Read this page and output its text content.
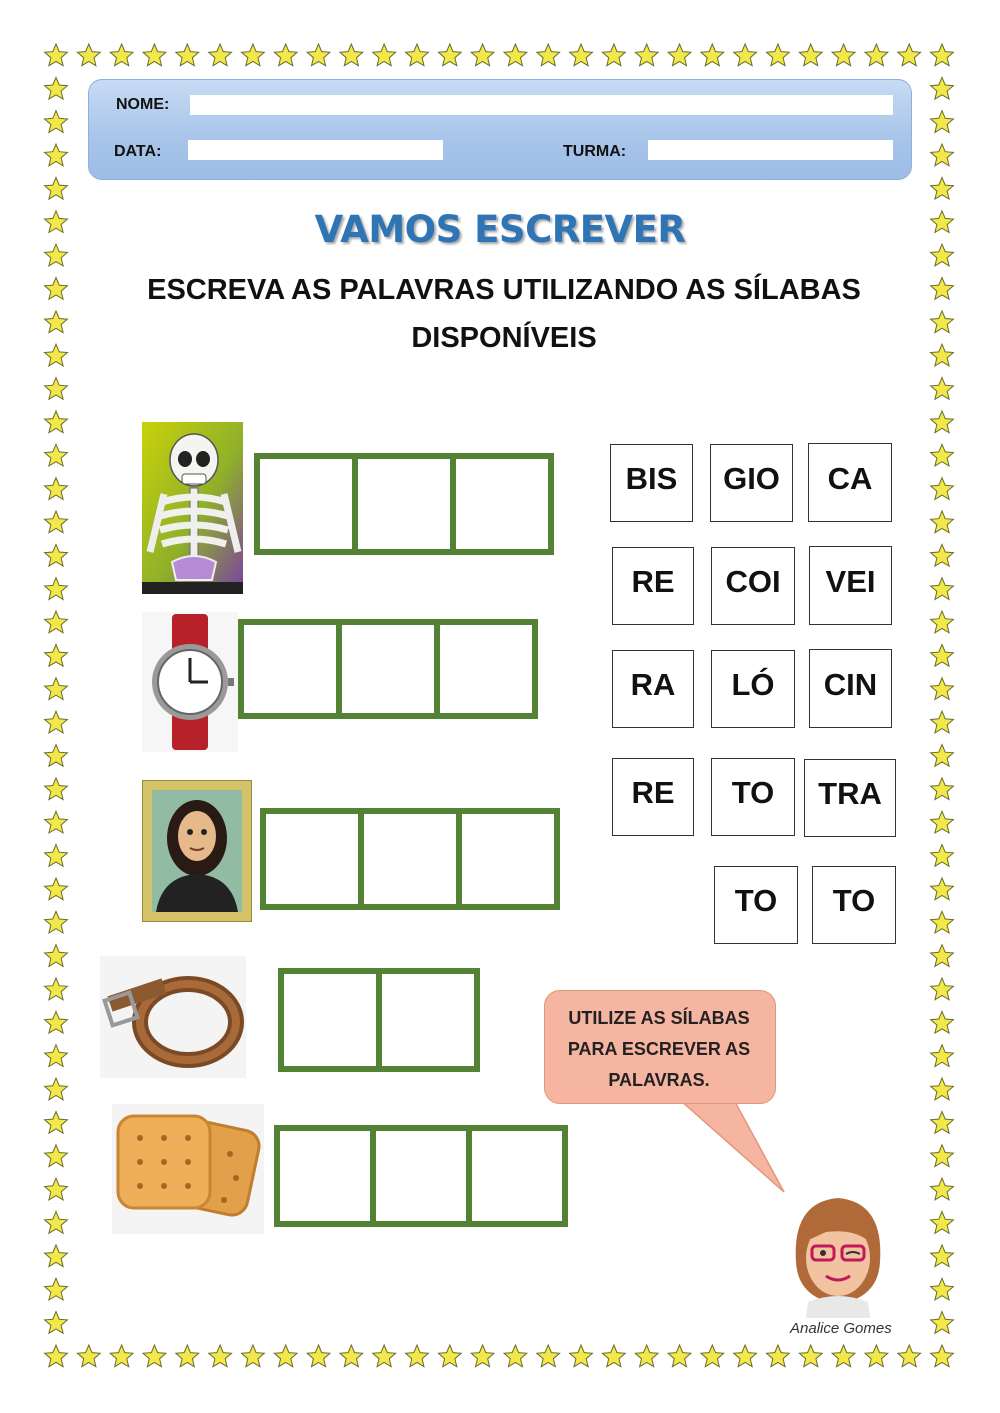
NOME:
DATA:	TURMA:
VAMOS ESCREVER
ESCREVA AS PALAVRAS UTILIZANDO AS SÍLABAS
DISPONÍVEIS
BIS	GIO	CA
RE	COI	VEI
RA	LÓ	CIN
RE	TO	TRA
TO	TO
UTILIZE AS SÍLABAS
PARA ESCREVER AS
PALAVRAS.
Analice Gomes
